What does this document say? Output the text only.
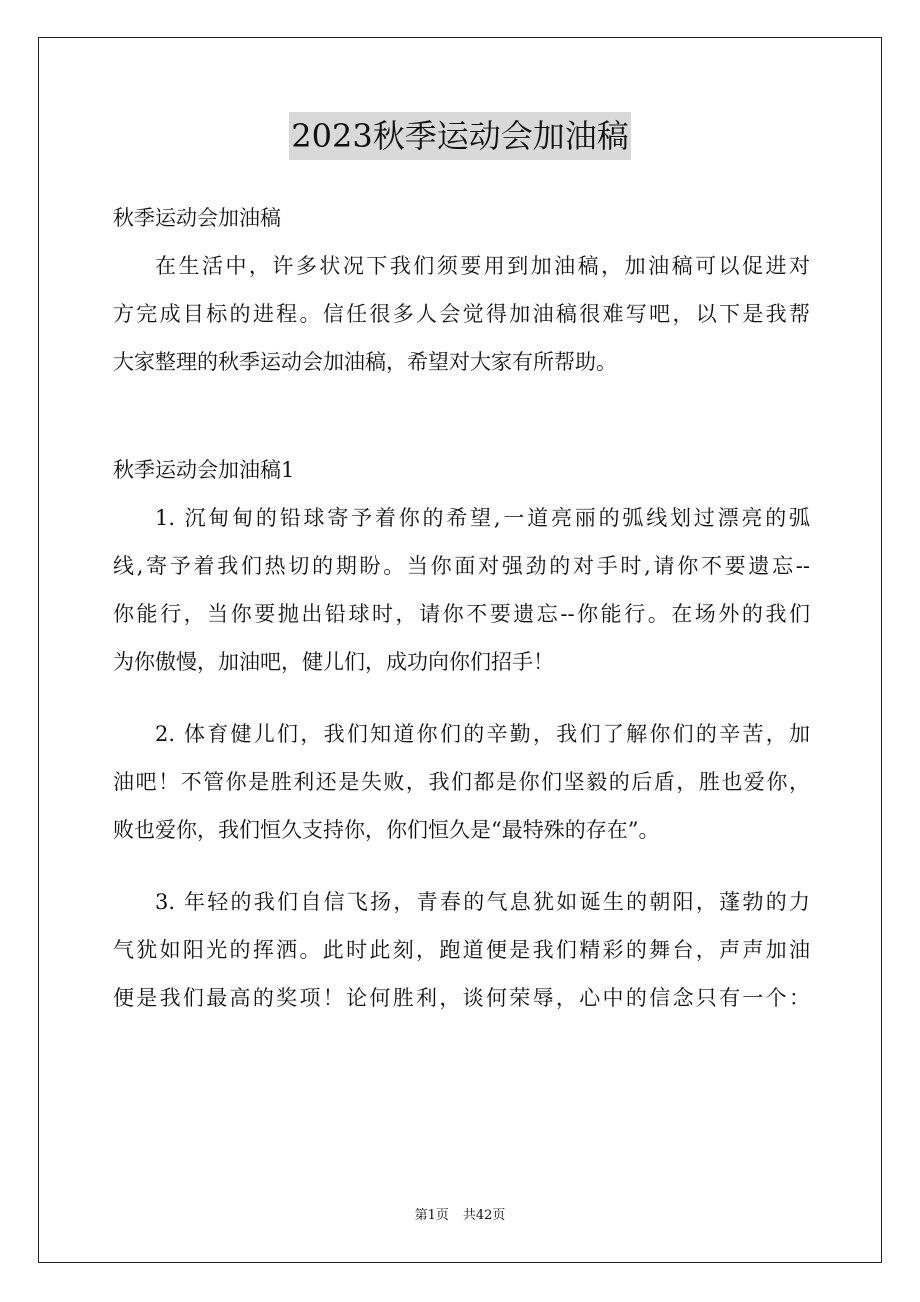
2023秋季运动会加油稿
秋季运动会加油稿
在生活中，许多状况下我们须要用到加油稿，加油稿可以促进对
方完成目标的进程。信任很多人会觉得加油稿很难写吧，以下是我帮
大家整理的秋季运动会加油稿，希望对大家有所帮助。
秋季运动会加油稿1
1. 沉甸甸的铅球寄予着你的希望,一道亮丽的弧线划过漂亮的弧
线,寄予着我们热切的期盼。当你面对强劲的对手时,请你不要遗忘--
你能行，当你要抛出铅球时，请你不要遗忘--你能行。在场外的我们
为你傲慢，加油吧，健儿们，成功向你们招手！
2. 体育健儿们，我们知道你们的辛勤，我们了解你们的辛苦，加
油吧！不管你是胜利还是失败，我们都是你们坚毅的后盾，胜也爱你，
败也爱你，我们恒久支持你，你们恒久是“最特殊的存在”。
3. 年轻的我们自信飞扬，青春的气息犹如诞生的朝阳，蓬勃的力
气犹如阳光的挥洒。此时此刻，跑道便是我们精彩的舞台，声声加油
便是我们最高的奖项！论何胜利，谈何荣辱，心中的信念只有一个：
第1页 共42页
